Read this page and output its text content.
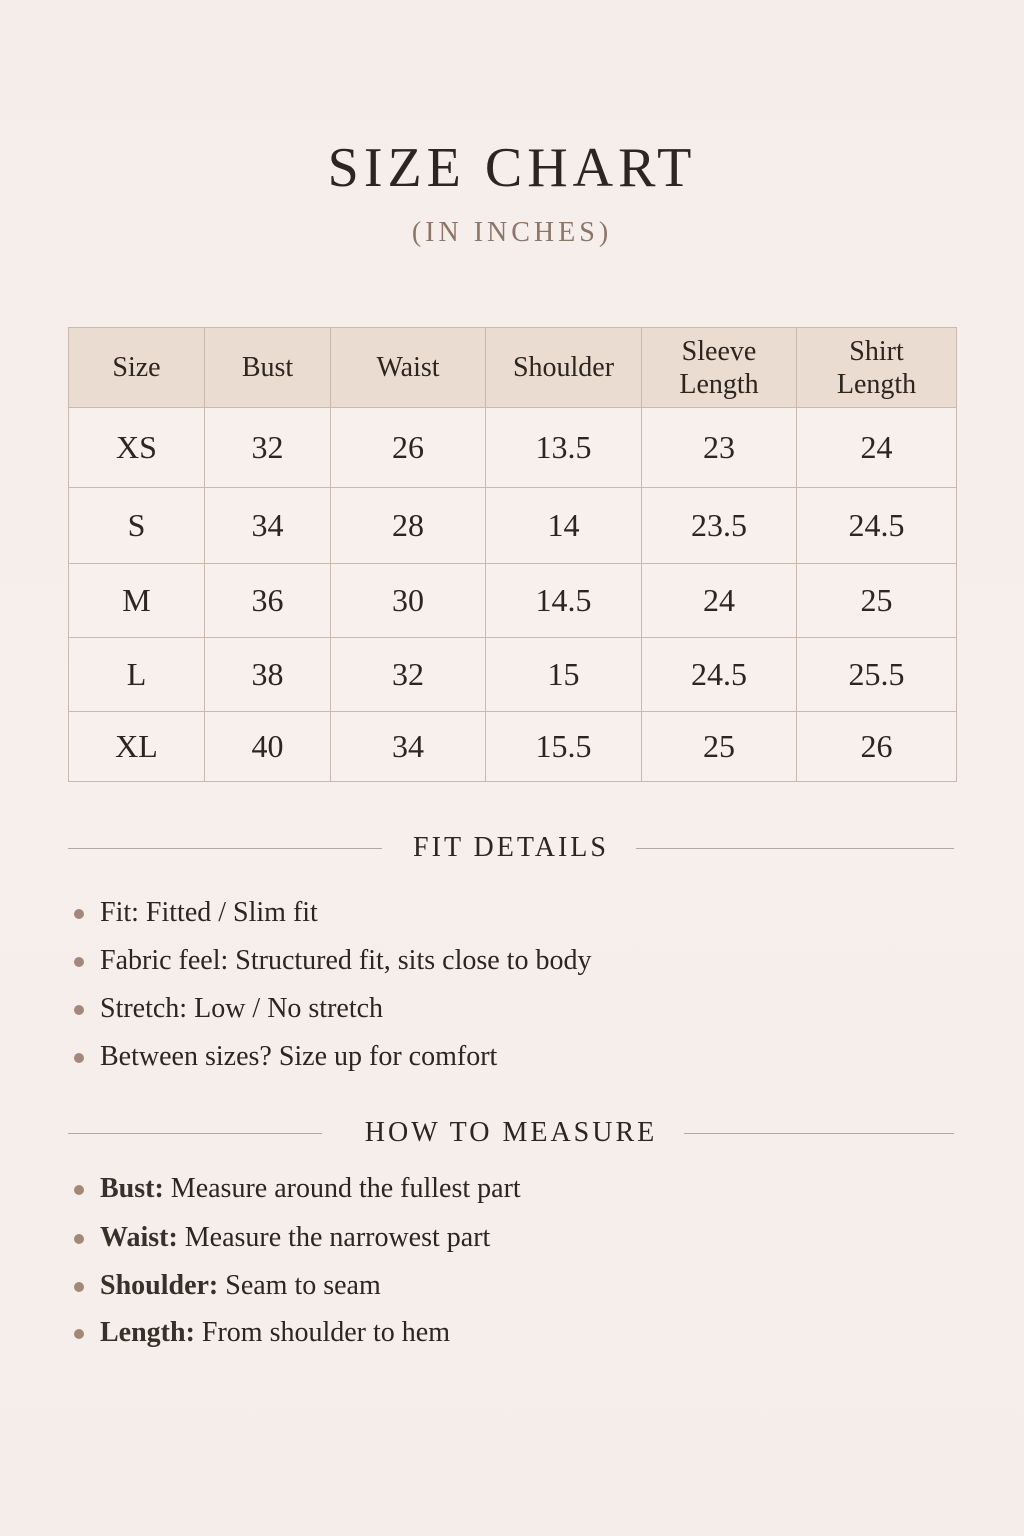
SIZE CHART
(IN INCHES)
Size	Bust	Waist	Shoulder	Sleeve Length	Shirt Length
XS	32	26	13.5	23	24
S	34	28	14	23.5	24.5
M	36	30	14.5	24	25
L	38	32	15	24.5	25.5
XL	40	34	15.5	25	26
FIT DETAILS
Fit: Fitted / Slim fit
Fabric feel: Structured fit, sits close to body
Stretch: Low / No stretch
Between sizes? Size up for comfort
HOW TO MEASURE
Bust: Measure around the fullest part
Waist: Measure the narrowest part
Shoulder: Seam to seam
Length: From shoulder to hem
